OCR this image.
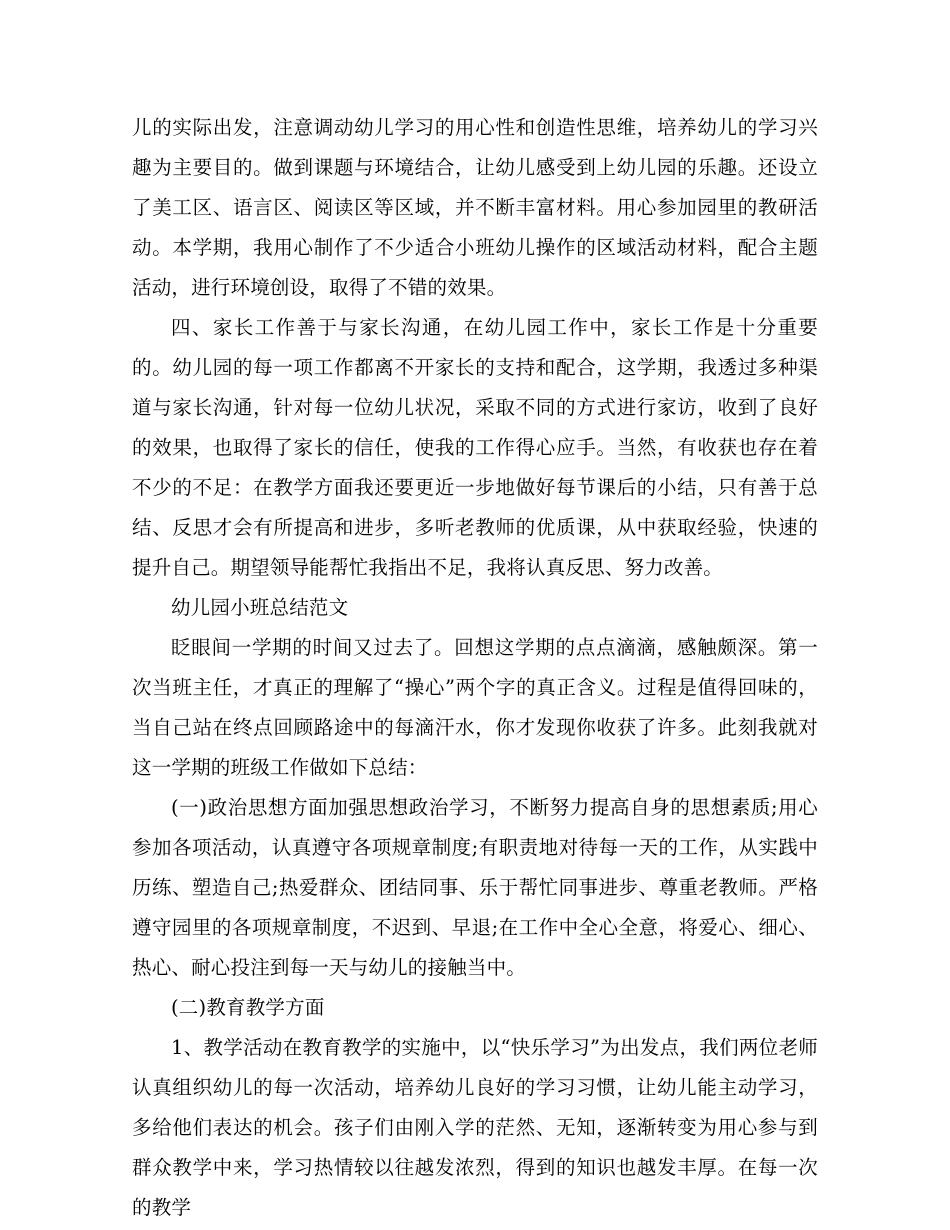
儿的实际出发，注意调动幼儿学习的用心性和创造性思维，培养幼儿的学习兴趣为主要目的。做到课题与环境结合，让幼儿感受到上幼儿园的乐趣。还设立了美工区、语言区、阅读区等区域，并不断丰富材料。用心参加园里的教研活动。本学期，我用心制作了不少适合小班幼儿操作的区域活动材料，配合主题活动，进行环境创设，取得了不错的效果。

四、家长工作善于与家长沟通，在幼儿园工作中，家长工作是十分重要的。幼儿园的每一项工作都离不开家长的支持和配合，这学期，我透过多种渠道与家长沟通，针对每一位幼儿状况，采取不同的方式进行家访，收到了良好的效果，也取得了家长的信任，使我的工作得心应手。当然，有收获也存在着不少的不足：在教学方面我还要更近一步地做好每节课后的小结，只有善于总结、反思才会有所提高和进步，多听老教师的优质课，从中获取经验，快速的提升自己。期望领导能帮忙我指出不足，我将认真反思、努力改善。

幼儿园小班总结范文

眨眼间一学期的时间又过去了。回想这学期的点点滴滴，感触颇深。第一次当班主任，才真正的理解了“操心”两个字的真正含义。过程是值得回味的，当自己站在终点回顾路途中的每滴汗水，你才发现你收获了许多。此刻我就对这一学期的班级工作做如下总结：

(一)政治思想方面加强思想政治学习，不断努力提高自身的思想素质;用心参加各项活动，认真遵守各项规章制度;有职责地对待每一天的工作，从实践中历练、塑造自己;热爱群众、团结同事、乐于帮忙同事进步、尊重老教师。严格遵守园里的各项规章制度，不迟到、早退;在工作中全心全意，将爱心、细心、热心、耐心投注到每一天与幼儿的接触当中。

(二)教育教学方面

1、教学活动在教育教学的实施中，以“快乐学习”为出发点，我们两位老师认真组织幼儿的每一次活动，培养幼儿良好的学习习惯，让幼儿能主动学习，多给他们表达的机会。孩子们由刚入学的茫然、无知，逐渐转变为用心参与到群众教学中来，学习热情较以往越发浓烈，得到的知识也越发丰厚。在每一次的教学
